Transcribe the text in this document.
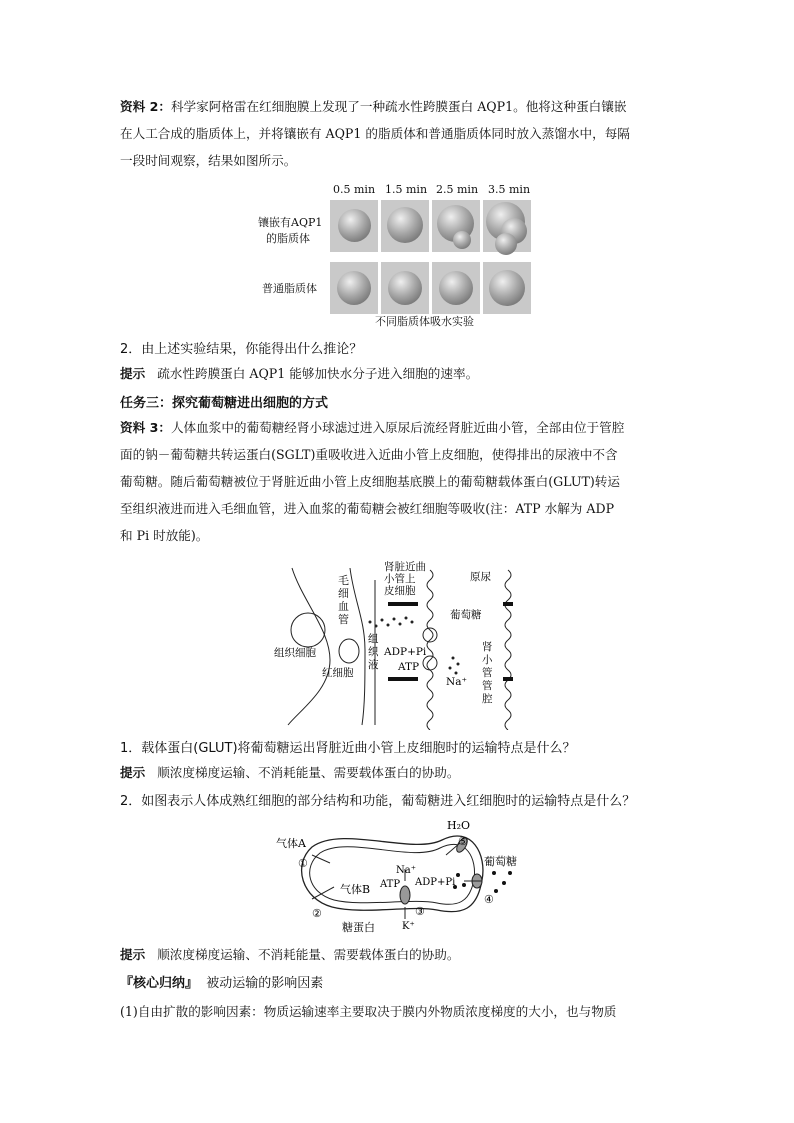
资料 2：科学家阿格雷在红细胞膜上发现了一种疏水性跨膜蛋白 AQP1。他将这种蛋白镶嵌

在人工合成的脂质体上，并将镶嵌有 AQP1 的脂质体和普通脂质体同时放入蒸馏水中，每隔

一段时间观察，结果如图所示。

0.5 min 1.5 min 2.5 min 3.5 min
镶嵌有AQP1
的脂质体
普通脂质体
不同脂质体吸水实验

2．由上述实验结果，你能得出什么推论？

提示 疏水性跨膜蛋白 AQP1 能够加快水分子进入细胞的速率。

任务三：探究葡萄糖进出细胞的方式

资料 3：人体血浆中的葡萄糖经肾小球滤过进入原尿后流经肾脏近曲小管，全部由位于管腔

面的钠－葡萄糖共转运蛋白(SGLT)重吸收进入近曲小管上皮细胞，使得排出的尿液中不含

葡萄糖。随后葡萄糖被位于肾脏近曲小管上皮细胞基底膜上的葡萄糖载体蛋白(GLUT)转运

至组织液进而进入毛细血管，进入血浆的葡萄糖会被红细胞等吸收(注：ATP 水解为 ADP

和 Pi 时放能)。

毛
细
血
管
肾脏近曲
小管上
皮细胞
原尿
葡萄糖
组织细胞
红细胞
组
织
液
ADP+Pi
ATP
Na⁺
肾
小
管
管
腔

1．载体蛋白(GLUT)将葡萄糖运出肾脏近曲小管上皮细胞时的运输特点是什么？

提示 顺浓度梯度运输、不消耗能量、需要载体蛋白的协助。

2．如图表示人体成熟红细胞的部分结构和功能，葡萄糖进入红细胞时的运输特点是什么？

气体A
①
气体B
②
糖蛋白
H₂O
⑤
葡萄糖
④
Na⁺
ATP ADP+Pi
③
K⁺

提示 顺浓度梯度运输、不消耗能量、需要载体蛋白的协助。

『核心归纳』 被动运输的影响因素

(1)自由扩散的影响因素：物质运输速率主要取决于膜内外物质浓度梯度的大小，也与物质
